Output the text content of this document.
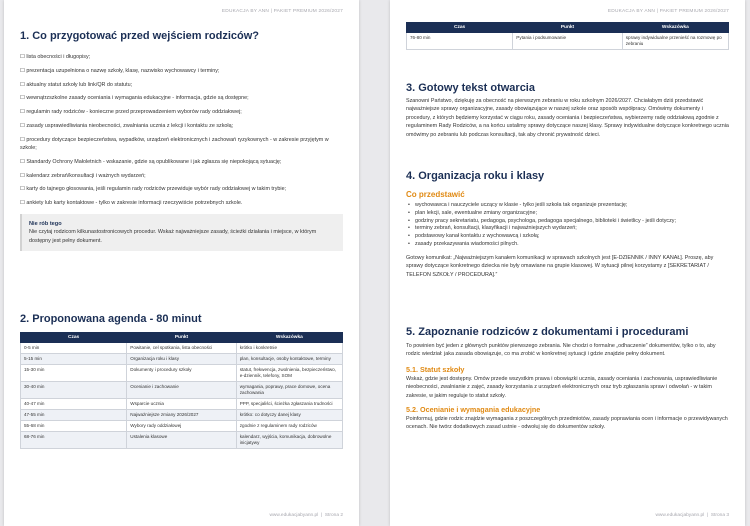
EDUKACJA BY ANN | PAKIET PREMIUM 2026/2027
1. Co przygotować przed wejściem rodziców?
☐ lista obecności i długopisy;
☐ prezentacja uzupełniona o nazwę szkoły, klasę, nazwisko wychowawcy i terminy;
☐ aktualny statut szkoły lub link/QR do statutu;
☐ wewnątrzszkolne zasady oceniania i wymagania edukacyjne - informacja, gdzie są dostępne;
☐ regulamin rady rodziców - konieczne przed przeprowadzeniem wyborów rady oddziałowej;
☐ zasady usprawiedliwiania nieobecności, zwalniania ucznia z lekcji i kontaktu ze szkołą;
☐ procedury dotyczące bezpieczeństwa, wypadków, urządzeń elektronicznych i zachowań ryzykownych - w zakresie przyjętym w szkole;
☐ Standardy Ochrony Małoletnich - wskazanie, gdzie są opublikowane i jak zgłasza się niepokojącą sytuację;
☐ kalendarz zebrań/konsultacji i ważnych wydarzeń;
☐ karty do tajnego głosowania, jeśli regulamin rady rodziców przewiduje wybór rady oddziałowej w takim trybie;
☐ ankiety lub karty kontaktowe - tylko w zakresie informacji rzeczywiście potrzebnych szkole.
Nie rób tego
Nie czytaj rodzicom kilkunastostronicowych procedur. Wskaż najważniejsze zasady, ścieżki działania i miejsce, w którym dostępny jest pełny dokument.
2. Proponowana agenda - 80 minut
Czas	Punkt	Wskazówka
0-5 min	Powitanie, cel spotkania, lista obecności	krótko i konkretnie
5-15 min	Organizacja roku i klasy	plan, konsultacje, osoby kontaktowe, terminy
15-30 min	Dokumenty i procedury szkoły	statut, frekwencja, zwolnienia, bezpieczeństwo, e-dziennik, telefony, SOM
30-40 min	Ocenianie i zachowanie	wymagania, poprawy, prace domowe, ocena zachowania
40-47 min	Wsparcie ucznia	PPP, specjaliści, ścieżka zgłaszania trudności
47-55 min	Najważniejsze zmiany 2026/2027	krótko: co dotyczy danej klasy
55-68 min	Wybory rady oddziałowej	zgodnie z regulaminem rady rodziców
68-76 min	Ustalenia klasowe	kalendarz, wyjścia, komunikacja, dobrowolne inicjatywy
www.edukacjabyann.pl  |  Strona 2
EDUKACJA BY ANN | PAKIET PREMIUM 2026/2027
Czas	Punkt	Wskazówka
76-80 min	Pytania i podsumowanie	sprawy indywidualne przenieść na rozmowę po zebraniu
3. Gotowy tekst otwarcia
Szanowni Państwo, dziękuję za obecność na pierwszym zebraniu w roku szkolnym 2026/2027. Chciałabym dziś przedstawić najważniejsze sprawy organizacyjne, zasady obowiązujące w naszej szkole oraz sposób współpracy. Omówimy dokumenty i procedury, z których będziemy korzystać w ciągu roku, zasady oceniania i bezpieczeństwa, wybierzemy radę oddziałową zgodnie z regulaminem Rady Rodziców, a na końcu ustalimy sprawy dotyczące naszej klasy. Sprawy indywidualne dotyczące konkretnego ucznia omówimy po zebraniu lub podczas konsultacji, tak aby chronić prywatność dzieci.
4. Organizacja roku i klasy
Co przedstawić
• wychowawca i nauczyciele uczący w klasie - tylko jeśli szkoła tak organizuje prezentację;
• plan lekcji, sale, ewentualne zmiany organizacyjne;
• godziny pracy sekretariatu, pedagoga, psychologa, pedagoga specjalnego, biblioteki i świetlicy - jeśli dotyczy;
• terminy zebrań, konsultacji, klasyfikacji i najważniejszych wydarzeń;
• podstawowy kanał kontaktu z wychowawcą i szkołą;
• zasady przekazywania wiadomości pilnych.
Gotowy komunikat: „Najważniejszym kanałem komunikacji w sprawach szkolnych jest [E-DZIENNIK / INNY KANAŁ]. Proszę, aby sprawy dotyczące konkretnego dziecka nie były omawiane na grupie klasowej. W sytuacji pilnej korzystamy z [SEKRETARIAT / TELEFON SZKOŁY / PROCEDURA].”
5. Zapoznanie rodziców z dokumentami i procedurami
To powinien być jeden z głównych punktów pierwszego zebrania. Nie chodzi o formalne „odhaczenie” dokumentów, tylko o to, aby rodzic wiedział: jaka zasada obowiązuje, co ma zrobić w konkretnej sytuacji i gdzie znajdzie pełny dokument.
5.1. Statut szkoły
Wskaż, gdzie jest dostępny. Omów przede wszystkim prawa i obowiązki ucznia, zasady oceniania i zachowania, usprawiedliwianie nieobecności, zwalnianie z zajęć, zasady korzystania z urządzeń elektronicznych oraz tryb zgłaszania spraw i odwołań - w takim zakresie, w jakim reguluje to statut szkoły.
5.2. Ocenianie i wymagania edukacyjne
Poinformuj, gdzie rodzic znajdzie wymagania z poszczególnych przedmiotów, zasady poprawiania ocen i informacje o przewidywanych ocenach. Nie twórz dodatkowych zasad ustnie - odwołuj się do dokumentów szkoły.
www.edukacjabyann.pl  |  Strona 3
